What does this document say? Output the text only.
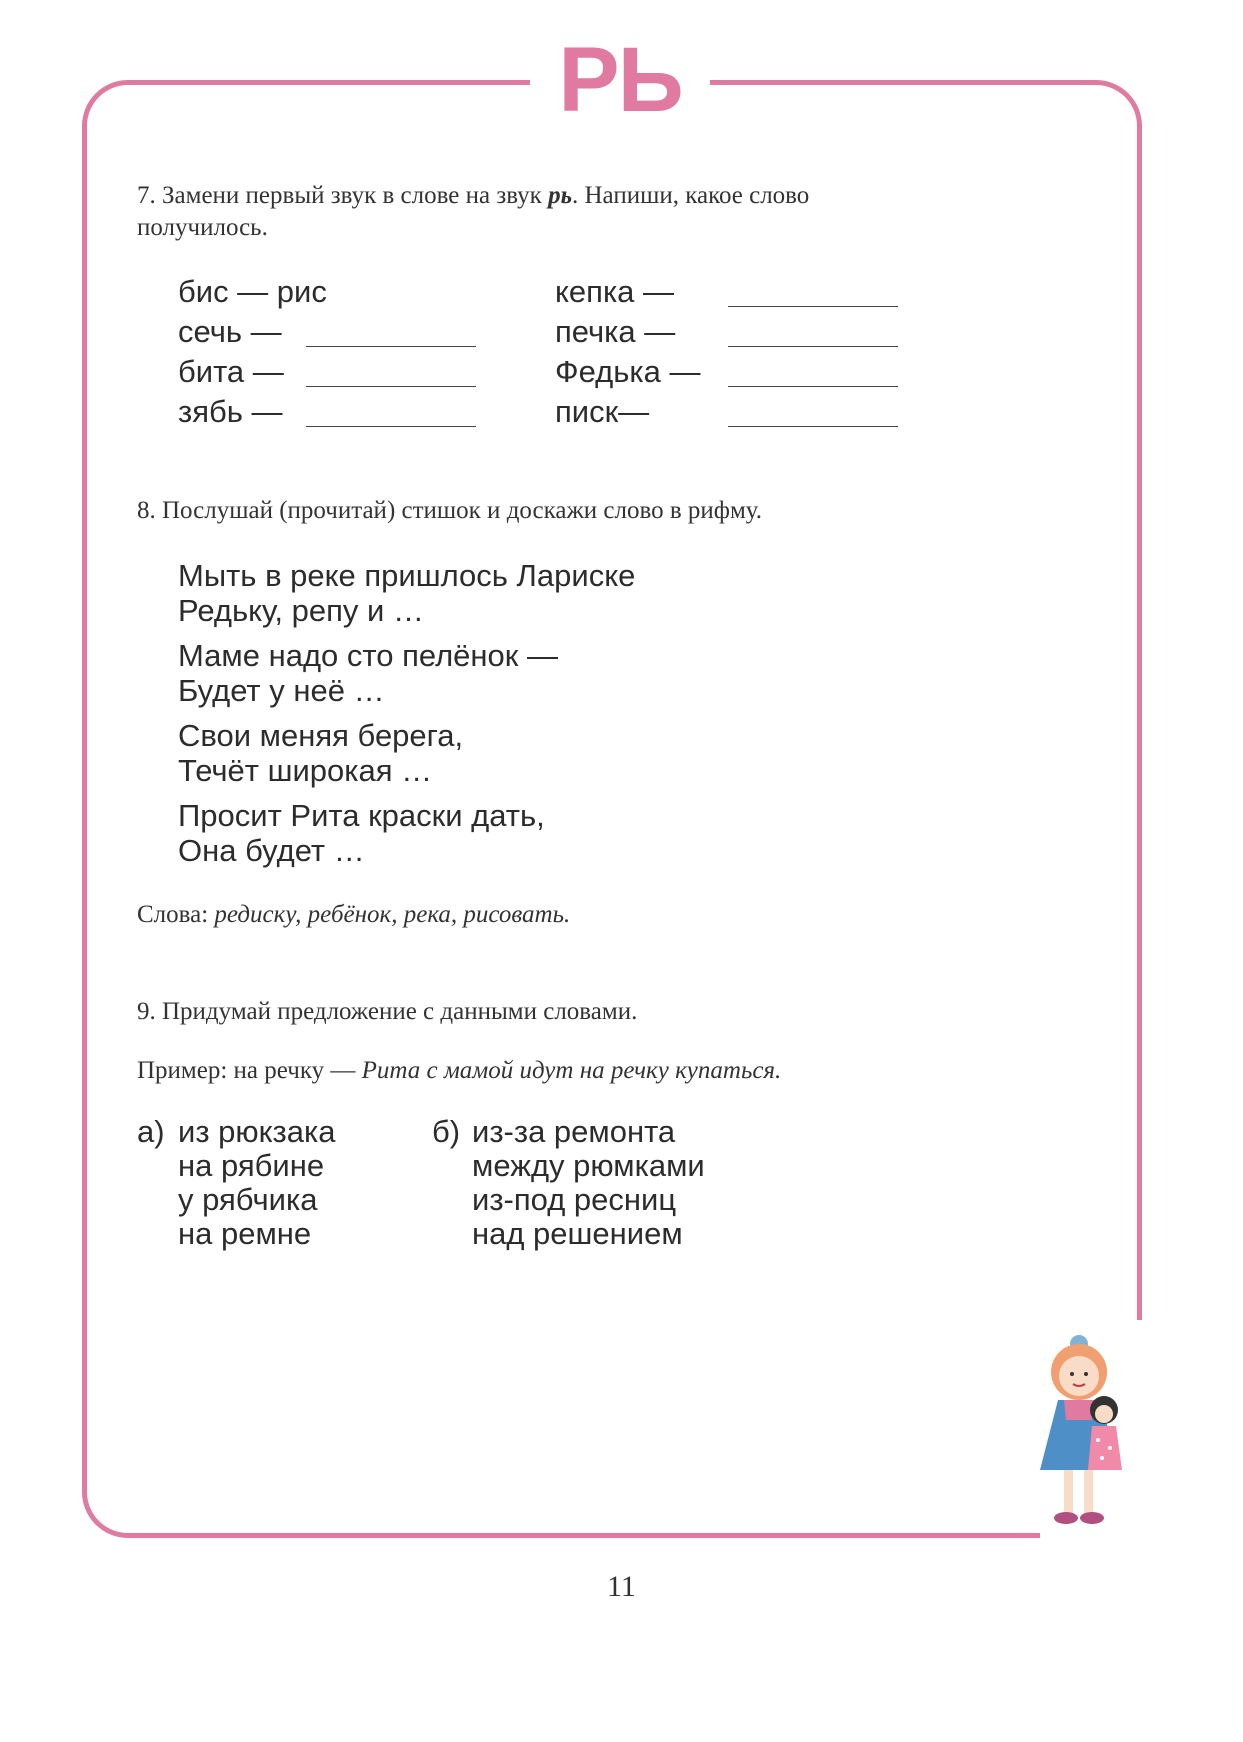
РЬ
7. Замени первый звук в слове на звук рь. Напиши, какое слово
получилось.
бис — рис
сечь —
бита —
зябь —
кепка —
печка —
Федька —
писк—
8. Послушай (прочитай) стишок и доскажи слово в рифму.
Мыть в реке пришлось Лариске
Редьку, репу и …
Маме надо сто пелёнок —
Будет у неё …
Свои меняя берега,
Течёт широкая …
Просит Рита краски дать,
Она будет …
Слова: редиску, ребёнок, река, рисовать.
9. Придумай предложение с данными словами.
Пример: на речку — Рита с мамой идут на речку купаться.
а) из рюкзака
на рябине
у рябчика
на ремне
б) из-за ремонта
между рюмками
из-под ресниц
над решением
11
